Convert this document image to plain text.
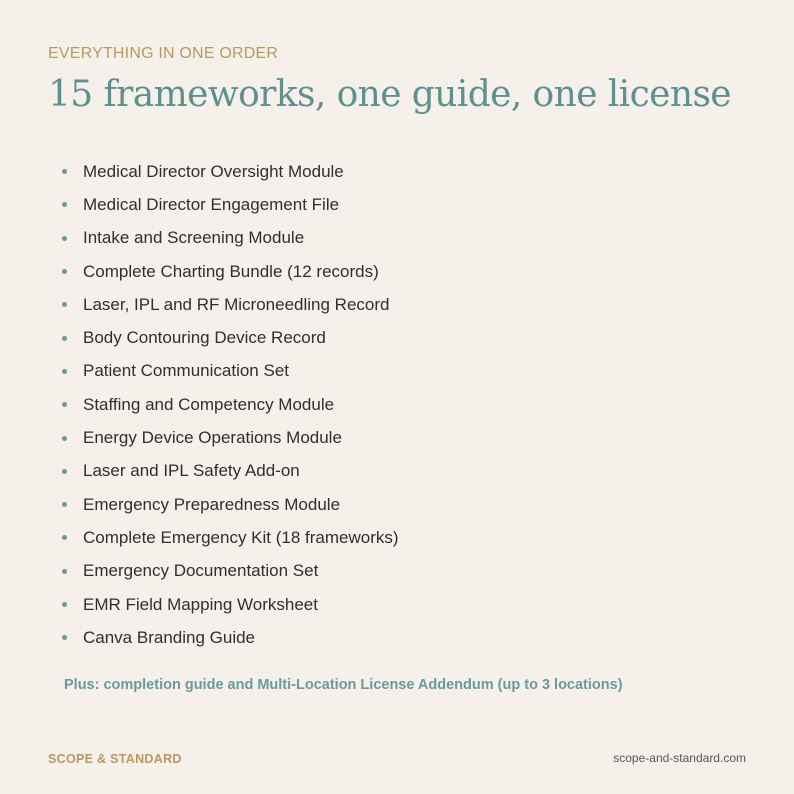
EVERYTHING IN ONE ORDER
15 frameworks, one guide, one license
Medical Director Oversight Module
Medical Director Engagement File
Intake and Screening Module
Complete Charting Bundle (12 records)
Laser, IPL and RF Microneedling Record
Body Contouring Device Record
Patient Communication Set
Staffing and Competency Module
Energy Device Operations Module
Laser and IPL Safety Add-on
Emergency Preparedness Module
Complete Emergency Kit (18 frameworks)
Emergency Documentation Set
EMR Field Mapping Worksheet
Canva Branding Guide
Plus: completion guide and Multi-Location License Addendum (up to 3 locations)
SCOPE & STANDARD	scope-and-standard.com
